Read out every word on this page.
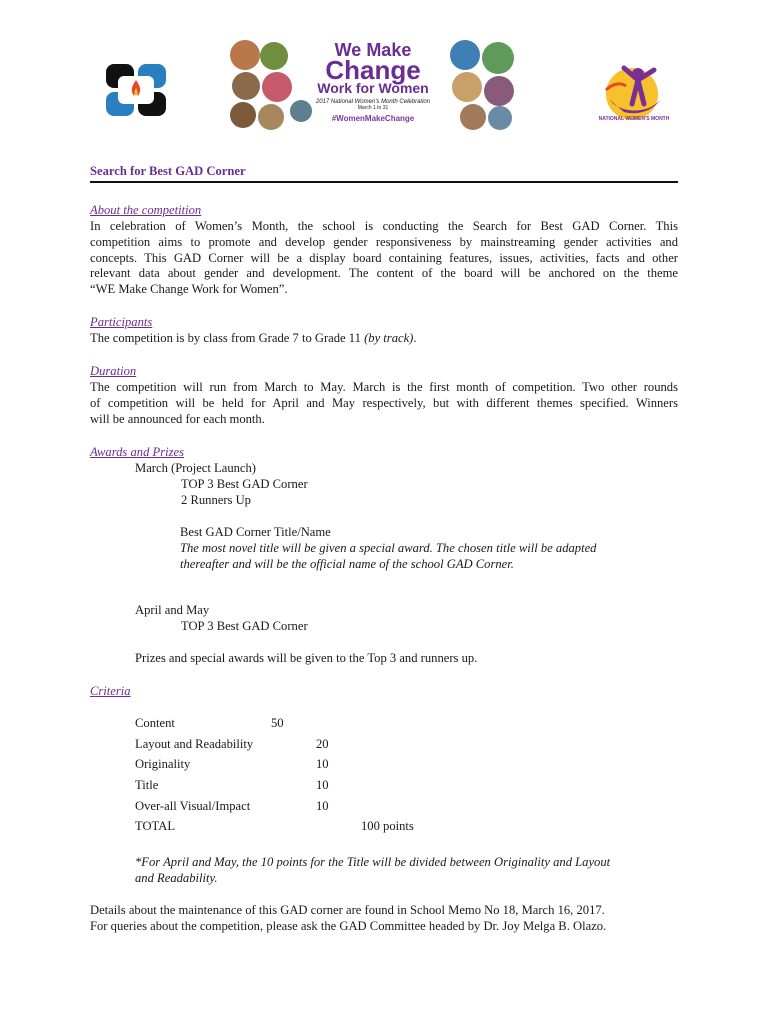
We Make
Change
Work for Women
2017 National Women's Month Celebration
March 1 to 31
#WomenMakeChange	NATIONAL WOMEN'S MONTH
Search for Best GAD Corner
About the competition
In celebration of Women’s Month, the school is conducting the Search for Best GAD Corner. This
competition aims to promote and develop gender responsiveness by mainstreaming gender activities and
concepts. This GAD Corner will be a display board containing features, issues, activities, facts and other
relevant data about gender and development. The content of the board will be anchored on the theme
“WE Make Change Work for Women”.
Participants
The competition is by class from Grade 7 to Grade 11 (by track).
Duration
The competition will run from March to May. March is the first month of competition. Two other rounds
of competition will be held for April and May respectively, but with different themes specified. Winners
will be announced for each month.
Awards and Prizes
March (Project Launch)
TOP 3 Best GAD Corner
2 Runners Up
Best GAD Corner Title/Name
The most novel title will be given a special award. The chosen title will be adapted
thereafter and will be the official name of the school GAD Corner.
April and May
TOP 3 Best GAD Corner
Prizes and special awards will be given to the Top 3 and runners up.
Criteria
Content	50
Layout and Readability	20
Originality	10
Title	10
Over-all Visual/Impact	10
TOTAL	100 points
*For April and May, the 10 points for the Title will be divided between Originality and Layout
and Readability.
Details about the maintenance of this GAD corner are found in School Memo No 18, March 16, 2017.
For queries about the competition, please ask the GAD Committee headed by Dr. Joy Melga B. Olazo.
